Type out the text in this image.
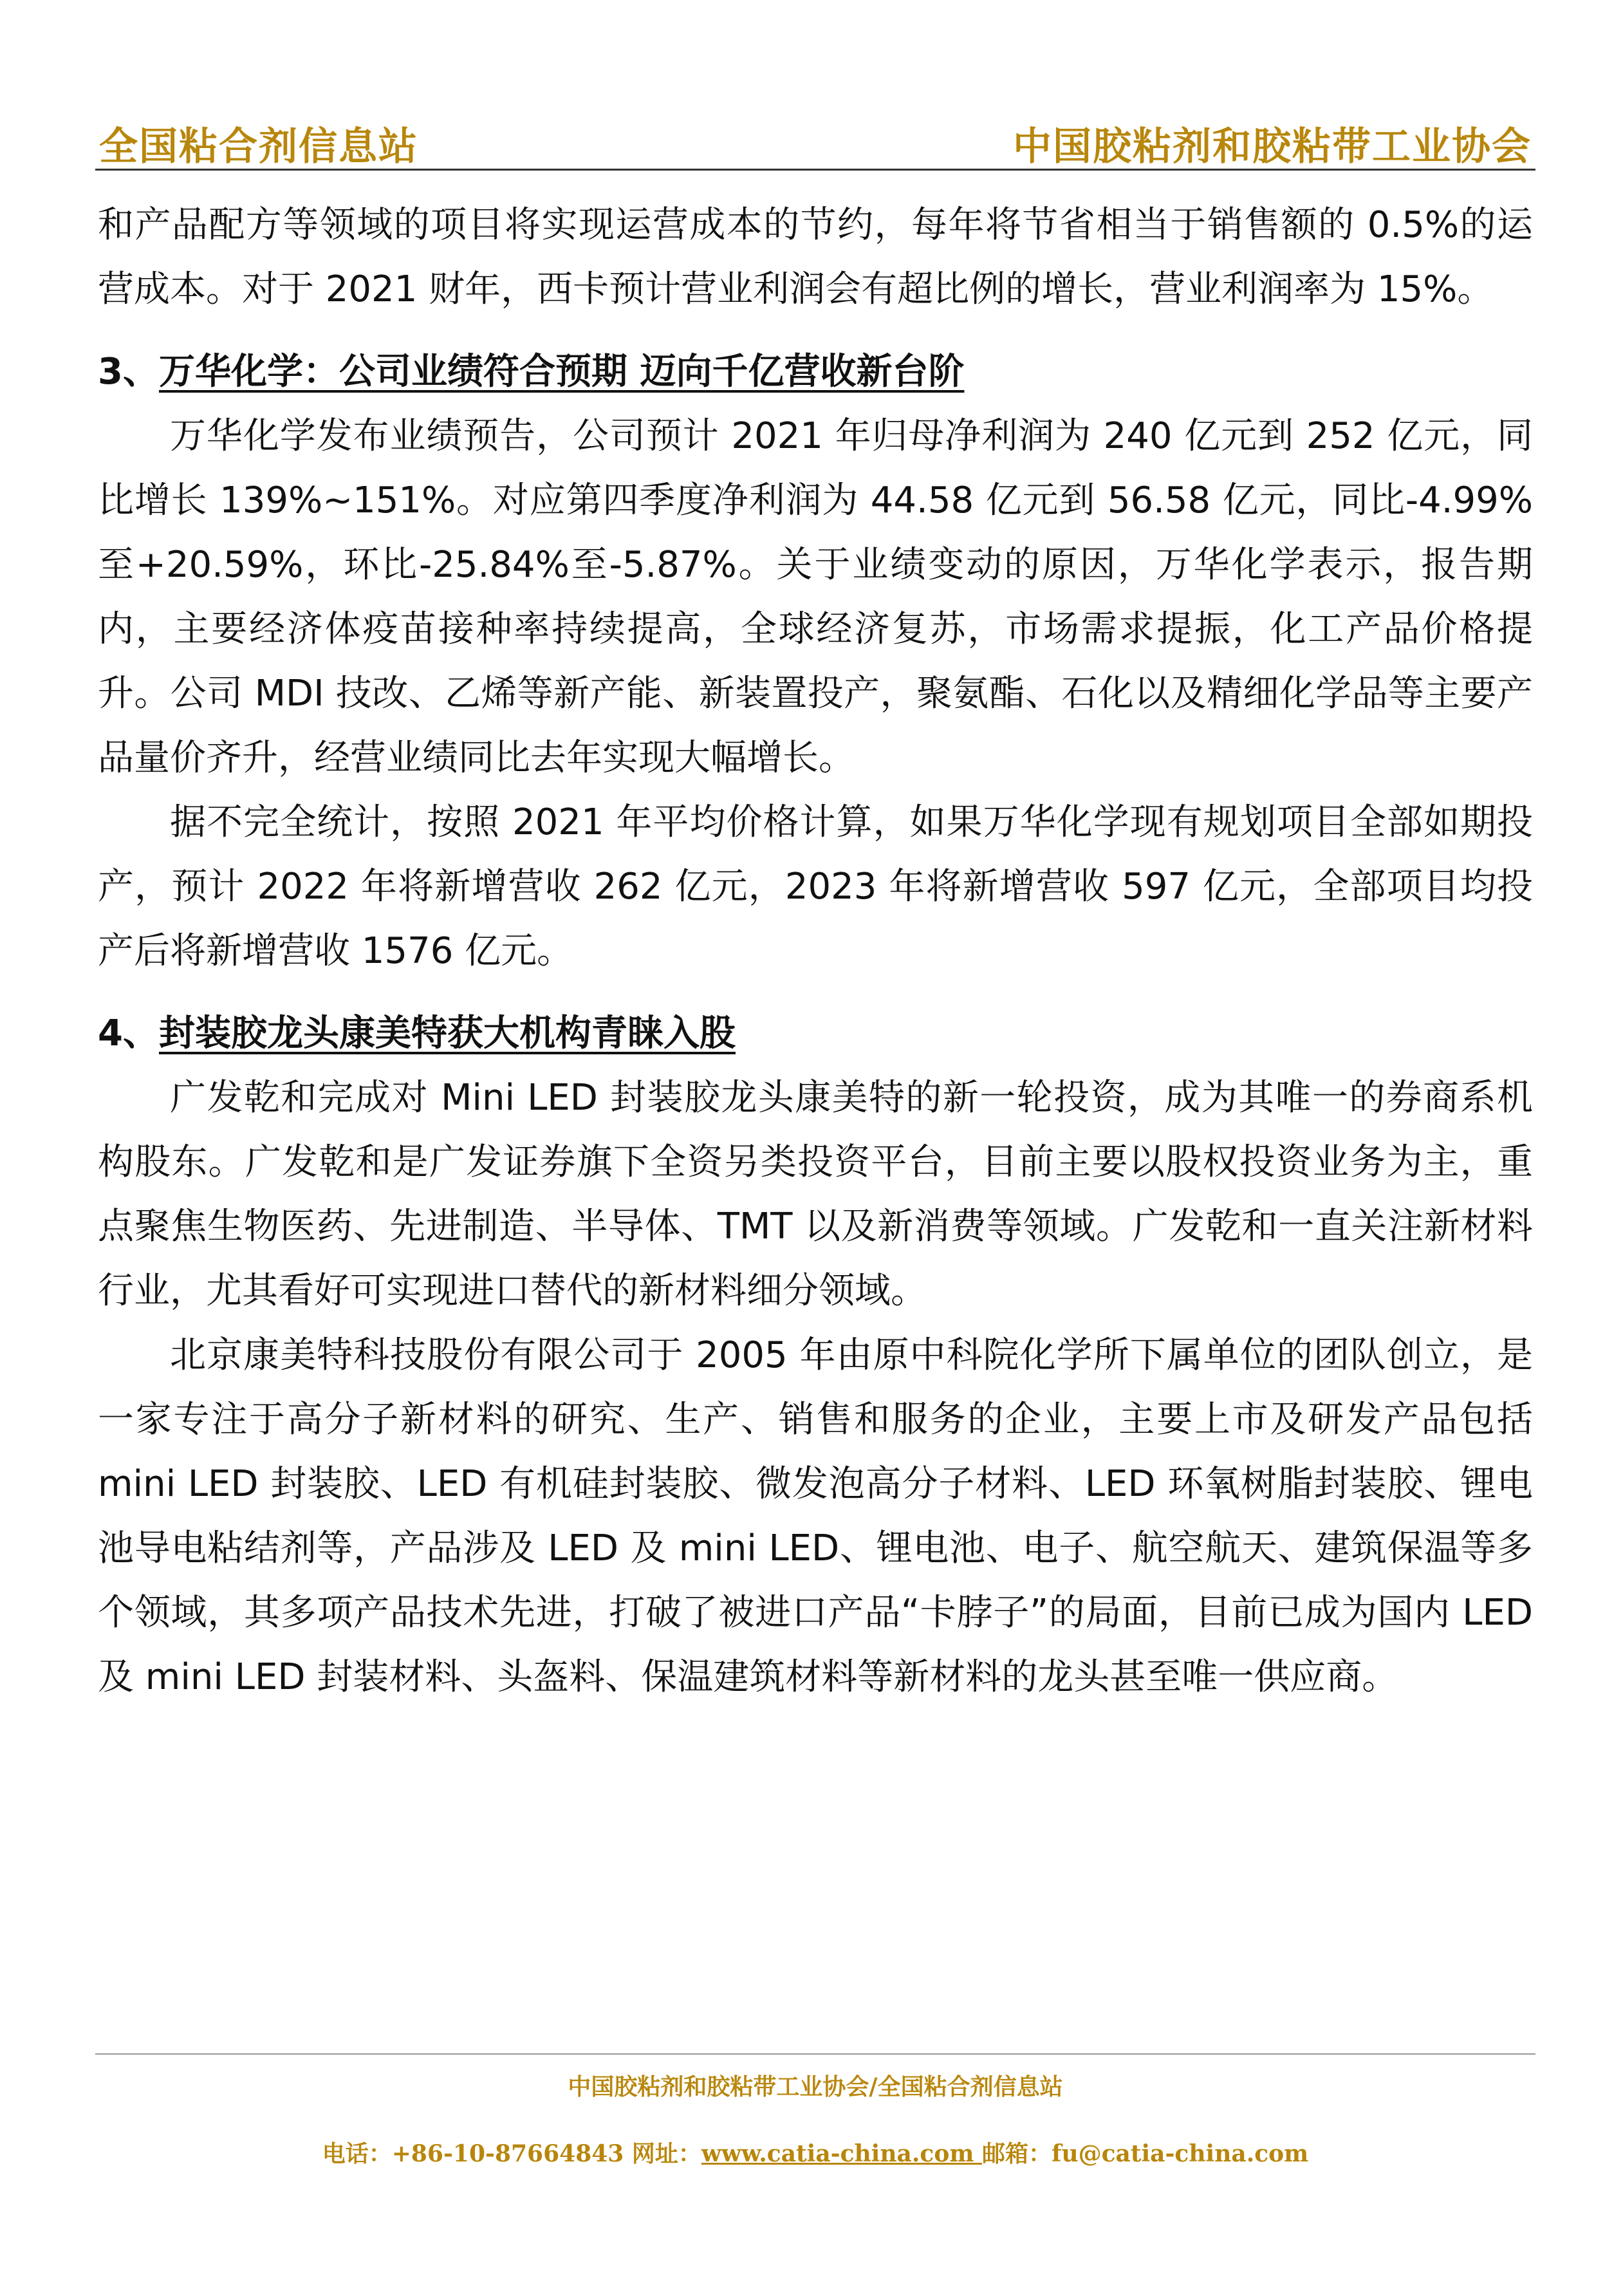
全国粘合剂信息站	中国胶粘剂和胶粘带工业协会

和产品配方等领域的项目将实现运营成本的节约，每年将节省相当于销售额的 0.5%的运营成本。对于 2021 财年，西卡预计营业利润会有超比例的增长，营业利润率为 15%。

3、万华化学：公司业绩符合预期 迈向千亿营收新台阶

万华化学发布业绩预告，公司预计 2021 年归母净利润为 240 亿元到 252 亿元，同比增长 139%~151%。对应第四季度净利润为 44.58 亿元到 56.58 亿元，同比-4.99%至+20.59%，环比-25.84%至-5.87%。关于业绩变动的原因，万华化学表示，报告期内，主要经济体疫苗接种率持续提高，全球经济复苏，市场需求提振，化工产品价格提升。公司 MDI 技改、乙烯等新产能、新装置投产，聚氨酯、石化以及精细化学品等主要产品量价齐升，经营业绩同比去年实现大幅增长。

据不完全统计，按照 2021 年平均价格计算，如果万华化学现有规划项目全部如期投产，预计 2022 年将新增营收 262 亿元，2023 年将新增营收 597 亿元，全部项目均投产后将新增营收 1576 亿元。

4、封装胶龙头康美特获大机构青睐入股

广发乾和完成对 Mini LED 封装胶龙头康美特的新一轮投资，成为其唯一的券商系机构股东。广发乾和是广发证券旗下全资另类投资平台，目前主要以股权投资业务为主，重点聚焦生物医药、先进制造、半导体、TMT 以及新消费等领域。广发乾和一直关注新材料行业，尤其看好可实现进口替代的新材料细分领域。

北京康美特科技股份有限公司于 2005 年由原中科院化学所下属单位的团队创立，是一家专注于高分子新材料的研究、生产、销售和服务的企业，主要上市及研发产品包括 mini LED 封装胶、LED 有机硅封装胶、微发泡高分子材料、LED 环氧树脂封装胶、锂电池导电粘结剂等，产品涉及 LED 及 mini LED、锂电池、电子、航空航天、建筑保温等多个领域，其多项产品技术先进，打破了被进口产品“卡脖子”的局面，目前已成为国内 LED 及 mini LED 封装材料、头盔料、保温建筑材料等新材料的龙头甚至唯一供应商。

中国胶粘剂和胶粘带工业协会/全国粘合剂信息站
电话：+86-10-87664843 网址：www.catia-china.com 邮箱：fu@catia-china.com
